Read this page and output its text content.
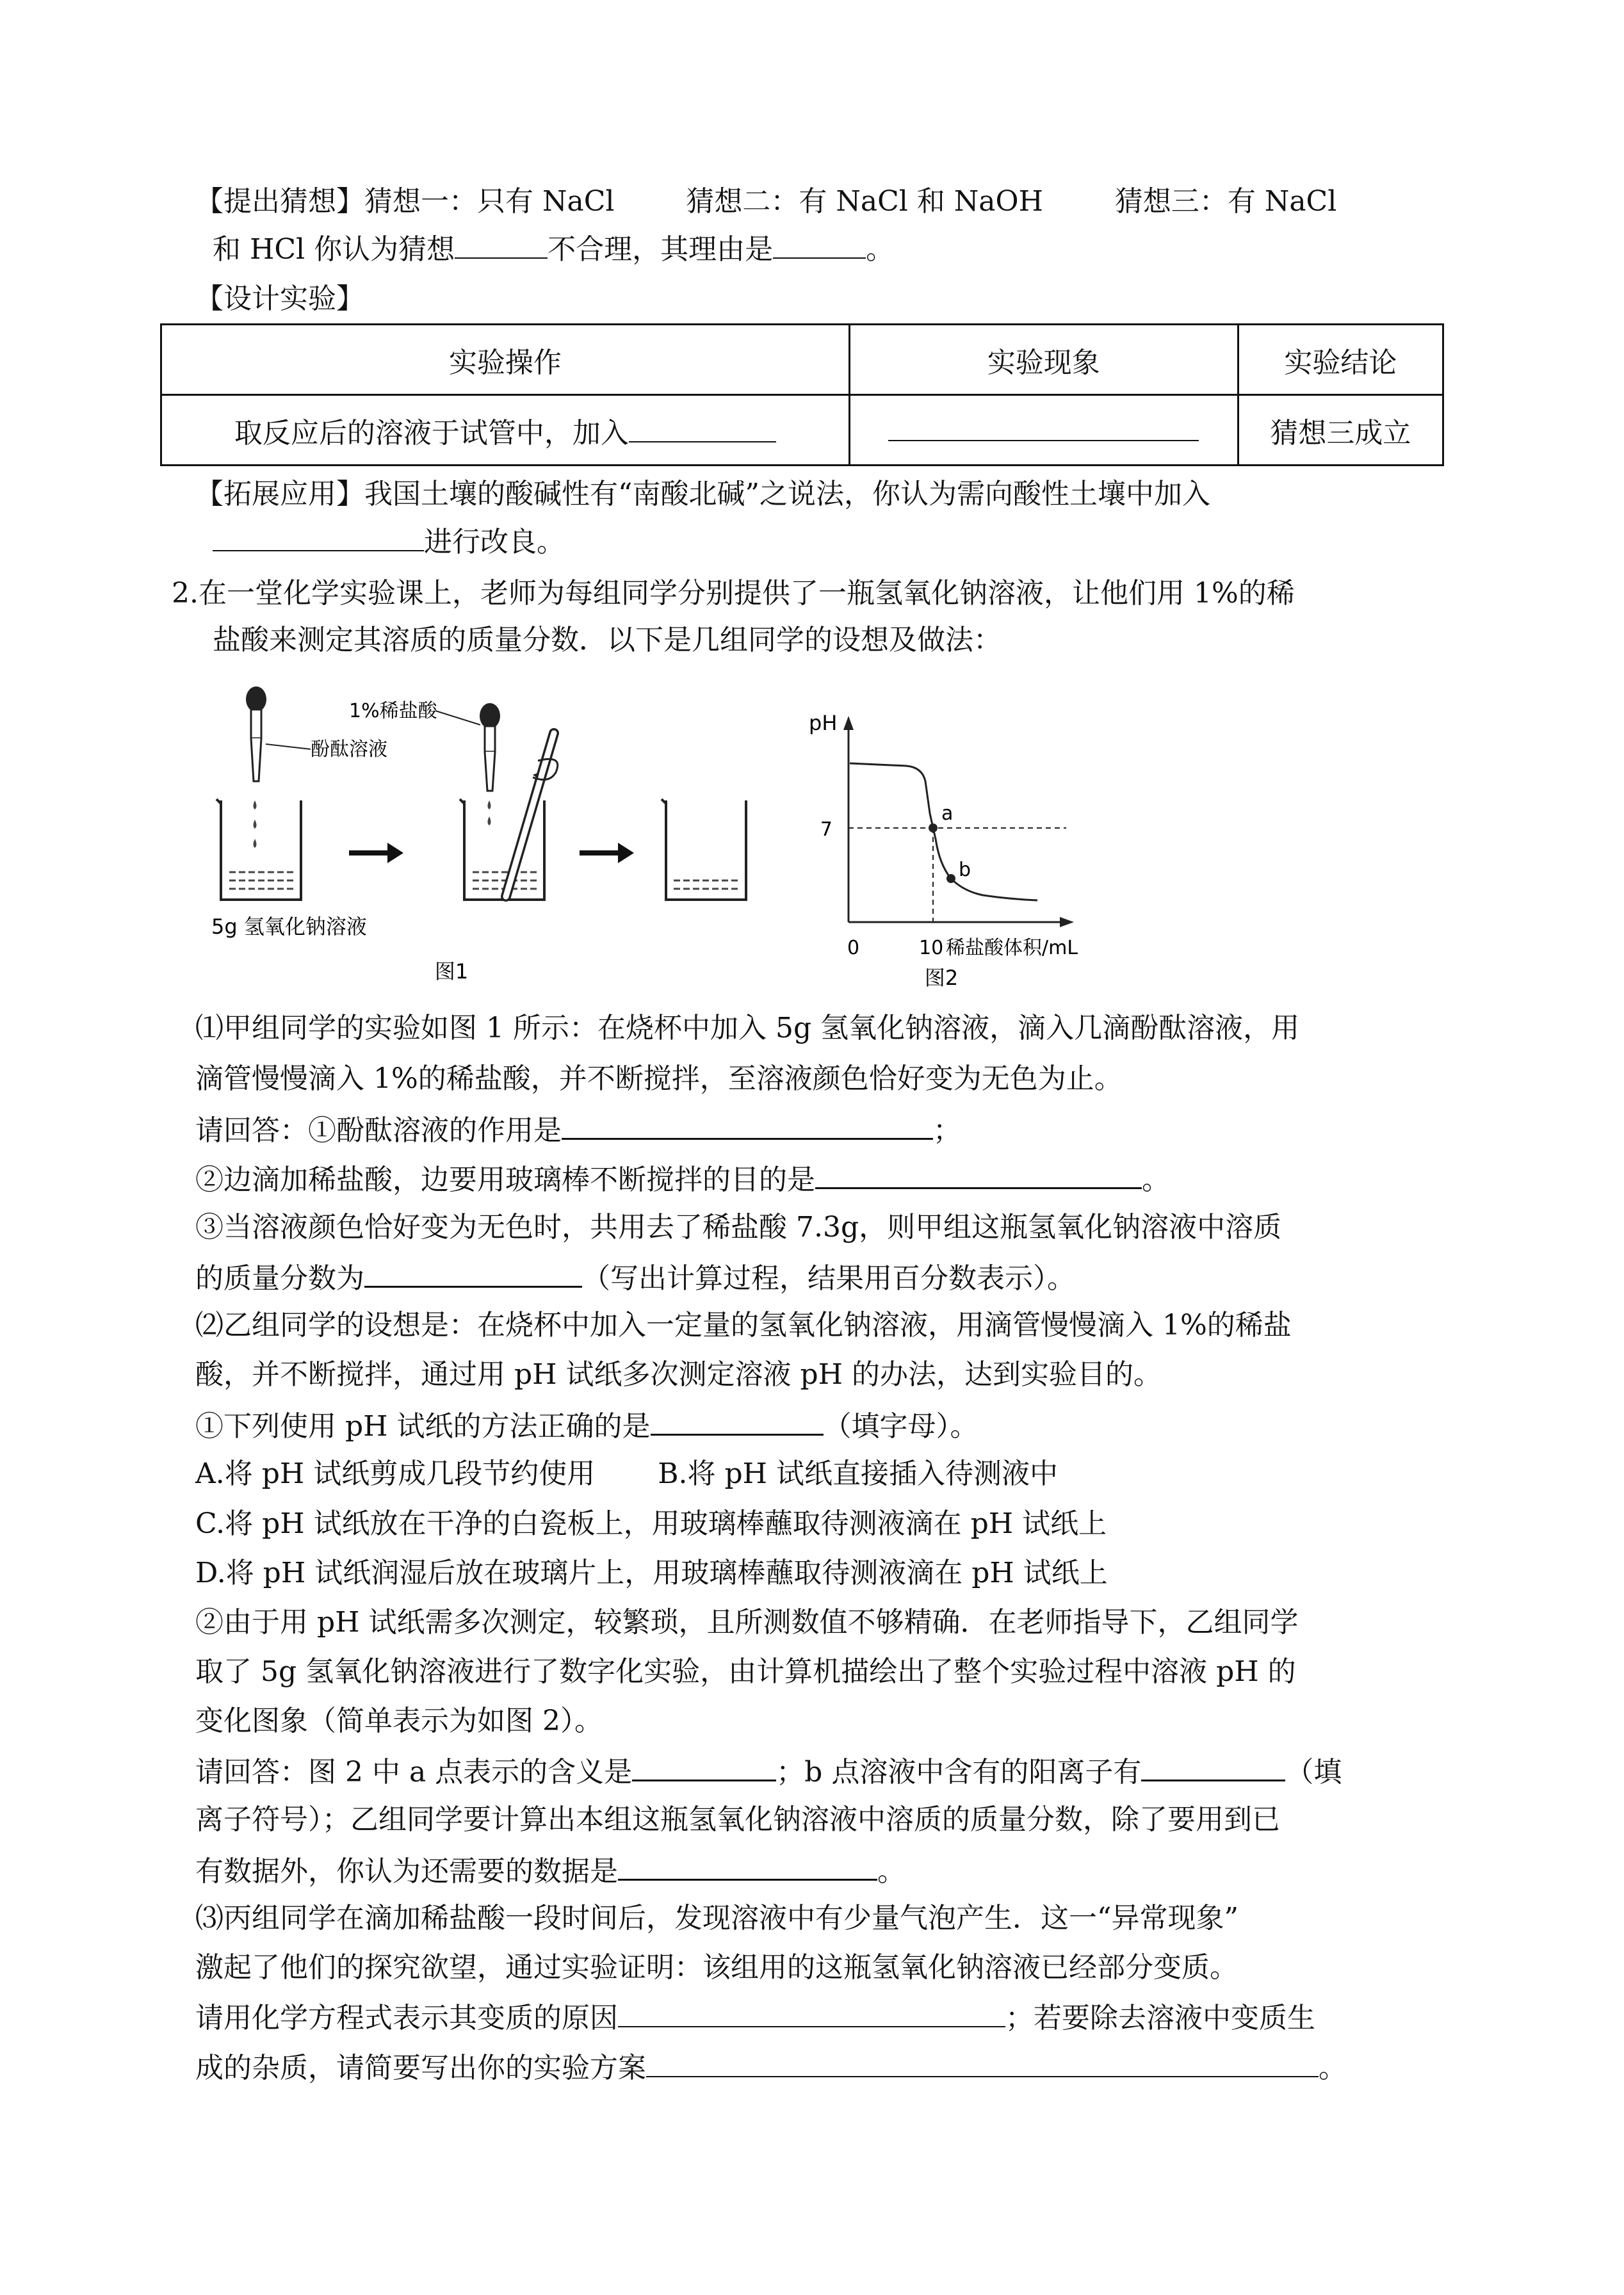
【提出猜想】猜想一：只有 NaCl        猜想二：有 NaCl 和 NaOH        猜想三：有 NaCl
和 HCl 你认为猜想	不合理，其理由是	。
【设计实验】
实验操作	实验现象	实验结论
取反应后的溶液于试管中，加入		猜想三成立
【拓展应用】我国土壤的酸碱性有“南酸北碱”之说法，你认为需向酸性土壤中加入
进行改良。
2.在一堂化学实验课上，老师为每组同学分别提供了一瓶氢氧化钠溶液，让他们用 1%的稀
盐酸来测定其溶质的质量分数．以下是几组同学的设想及做法：
5g 氢氧化钠溶液
1%稀盐酸
酚酞溶液
图1
pH
7
0
a
b
10 稀盐酸体积/mL
图2
⑴甲组同学的实验如图 1 所示：在烧杯中加入 5g 氢氧化钠溶液，滴入几滴酚酞溶液，用
滴管慢慢滴入 1%的稀盐酸，并不断搅拌，至溶液颜色恰好变为无色为止。
请回答：①酚酞溶液的作用是	；
②边滴加稀盐酸，边要用玻璃棒不断搅拌的目的是	。
③当溶液颜色恰好变为无色时，共用去了稀盐酸 7.3g，则甲组这瓶氢氧化钠溶液中溶质
的质量分数为	（写出计算过程，结果用百分数表示）。
⑵乙组同学的设想是：在烧杯中加入一定量的氢氧化钠溶液，用滴管慢慢滴入 1%的稀盐
酸，并不断搅拌，通过用 pH 试纸多次测定溶液 pH 的办法，达到实验目的。
①下列使用 pH 试纸的方法正确的是	（填字母）。
A.将 pH 试纸剪成几段节约使用 B.将 pH 试纸直接插入待测液中
C.将 pH 试纸放在干净的白瓷板上，用玻璃棒蘸取待测液滴在 pH 试纸上
D.将 pH 试纸润湿后放在玻璃片上，用玻璃棒蘸取待测液滴在 pH 试纸上
②由于用 pH 试纸需多次测定，较繁琐，且所测数值不够精确．在老师指导下，乙组同学
取了 5g 氢氧化钠溶液进行了数字化实验，由计算机描绘出了整个实验过程中溶液 pH 的
变化图象（简单表示为如图 2）。
请回答：图 2 中 a 点表示的含义是	；b 点溶液中含有的阳离子有	（填
离子符号）；乙组同学要计算出本组这瓶氢氧化钠溶液中溶质的质量分数，除了要用到已
有数据外，你认为还需要的数据是	。
⑶丙组同学在滴加稀盐酸一段时间后，发现溶液中有少量气泡产生．这一“异常现象”
激起了他们的探究欲望，通过实验证明：该组用的这瓶氢氧化钠溶液已经部分变质。
请用化学方程式表示其变质的原因	；若要除去溶液中变质生
成的杂质，请简要写出你的实验方案	。
